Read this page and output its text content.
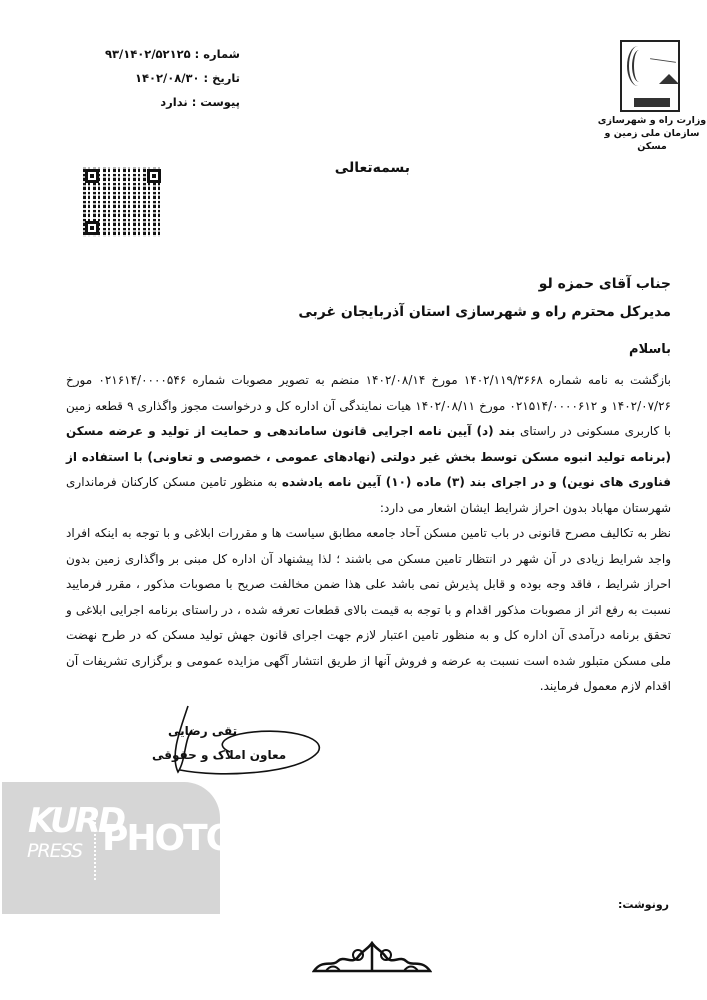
وزارت راه و شهرسازی
سازمان ملی زمین و مسکن
شماره :
۹۳/۱۴۰۲/۵۲۱۲۵
تاریخ :
۱۴۰۲/۰۸/۳۰
پیوست :
ندارد
بسمه‌تعالی
جناب آقای حمزه لو
مدیرکل محترم راه و شهرسازی استان آذربایجان غربی
باسلام

بازگشت به نامه شماره ۱۴۰۲/۱۱۹/۳۶۶۸ مورخ ۱۴۰۲/۰۸/۱۴ منضم به تصویر مصوبات شماره ۰۲۱۶۱۴/۰۰۰۰۵۴۶ مورخ ۱۴۰۲/۰۷/۲۶ و ۰۲۱۵۱۴/۰۰۰۰۶۱۲ مورخ ۱۴۰۲/۰۸/۱۱ هیات نمایندگی آن اداره کل و درخواست مجوز واگذاری ۹ قطعه زمین با کاربری مسکونی در راستای بند (د) آیین نامه اجرایی قانون ساماندهی و حمایت از تولید و عرضه مسکن (برنامه تولید انبوه مسکن توسط بخش غیر دولتی (نهادهای عمومی ، خصوصی و تعاونی) با استفاده از فناوری های نوین) و در اجرای بند (۳) ماده (۱۰) آیین نامه یادشده به منظور تامین مسکن کارکنان فرمانداری شهرستان مهاباد بدون احراز شرایط ایشان اشعار می دارد:

نظر به تکالیف مصرح قانونی در باب تامین مسکن آحاد جامعه مطابق سیاست ها و مقررات ابلاغی و با توجه به اینکه افراد واجد شرایط زیادی در آن شهر در انتظار تامین مسکن می باشند ؛ لذا پیشنهاد آن اداره کل مبنی بر واگذاری زمین بدون احراز شرایط ، فاقد وجه بوده و قابل پذیرش نمی باشد علی هذا ضمن مخالفت صریح با مصوبات مذکور ، مقرر فرمایید نسبت به رفع اثر از مصوبات مذکور اقدام و با توجه به قیمت بالای قطعات تعرفه شده ، در راستای برنامه اجرایی ابلاغی و تحقق برنامه درآمدی آن اداره کل و به منظور تامین اعتبار لازم جهت اجرای قانون جهش تولید مسکن که در طرح نهضت ملی مسکن متبلور شده است نسبت به عرضه و فروش آنها از طریق انتشار آگهی مزایده عمومی و برگزاری تشریفات آن اقدام لازم معمول فرمایند.

تقی رضایی
معاون املاک و حقوقی
KURD
PRESS PHOTO
رونوشت:
